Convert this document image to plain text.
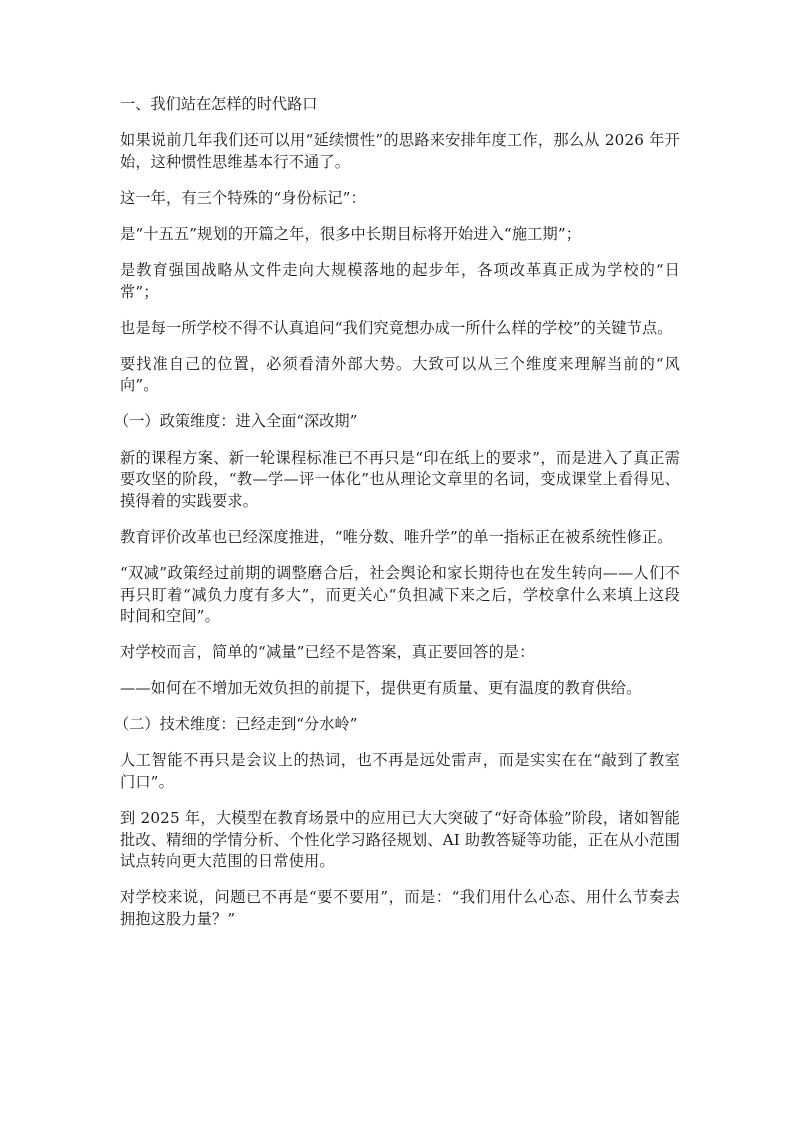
一、我们站在怎样的时代路口

如果说前几年我们还可以用“延续惯性”的思路来安排年度工作，那么从 2026 年开始，这种惯性思维基本行不通了。

这一年，有三个特殊的“身份标记”：

是“十五五”规划的开篇之年，很多中长期目标将开始进入“施工期”；

是教育强国战略从文件走向大规模落地的起步年，各项改革真正成为学校的“日常”；

也是每一所学校不得不认真追问“我们究竟想办成一所什么样的学校”的关键节点。

要找准自己的位置，必须看清外部大势。大致可以从三个维度来理解当前的“风向”。

（一）政策维度：进入全面“深改期”

新的课程方案、新一轮课程标准已不再只是“印在纸上的要求”，而是进入了真正需要攻坚的阶段，“教—学—评一体化”也从理论文章里的名词，变成课堂上看得见、摸得着的实践要求。

教育评价改革也已经深度推进，“唯分数、唯升学”的单一指标正在被系统性修正。

“双减”政策经过前期的调整磨合后，社会舆论和家长期待也在发生转向——人们不再只盯着“减负力度有多大”，而更关心“负担减下来之后，学校拿什么来填上这段时间和空间”。

对学校而言，简单的“减量”已经不是答案，真正要回答的是：

——如何在不增加无效负担的前提下，提供更有质量、更有温度的教育供给。

（二）技术维度：已经走到“分水岭”

人工智能不再只是会议上的热词，也不再是远处雷声，而是实实在在“敲到了教室门口”。

到 2025 年，大模型在教育场景中的应用已大大突破了“好奇体验”阶段，诸如智能批改、精细的学情分析、个性化学习路径规划、AI 助教答疑等功能，正在从小范围试点转向更大范围的日常使用。

对学校来说，问题已不再是“要不要用”，而是：“我们用什么心态、用什么节奏去拥抱这股力量？”
